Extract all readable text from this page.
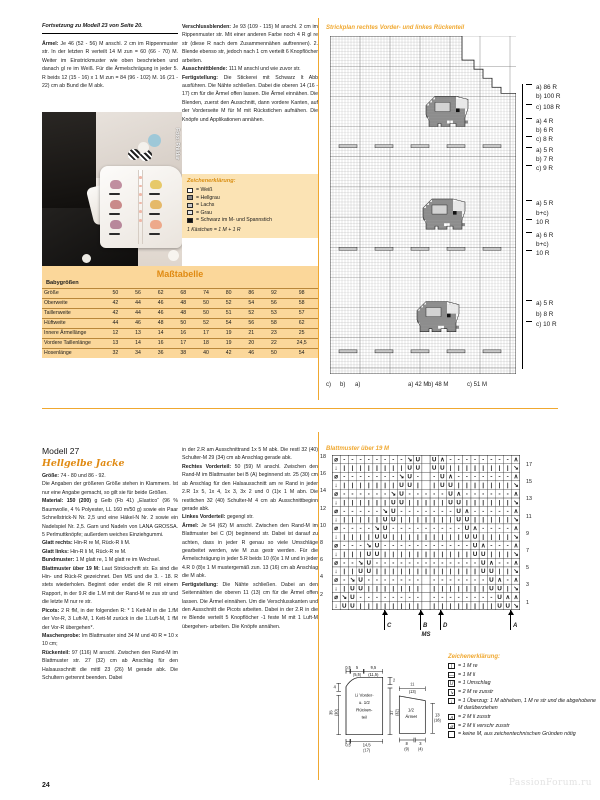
Fortsetzung zu Modell 23 von Seite 20.
Ärmel: Je 46 (52 - 56) M anschl. 2 cm im Rippenmuster str. In der letzten R verteilt 14 M zun = 60 (66 - 70) M. Weiter im Einstrickmuster wie oben beschrieben und danach gl re im Weiß. Für die Ärmelschrägung in jeder 5. R beids 12 (15 - 16) x 1 M zun = 84 (96 - 102) M. 16 (21 - 22) cm ab Bund die M abk.
Foto: Phildar
Verschlussblenden: Je 93 (109 - 115) M anschl. 2 cm im Rippenmuster str. Mit einer anderen Farbe noch 4 R gl re str (diese R nach dem Zusammennähen auftrennen). 2. Blende ebenso str, jedoch nach 1 cm verteilt 6 Knopflöcher arbeiten.
Ausschnittblende: 111 M anschl und wie zuvor str.
Fertigstellung: Die Stickerei mit Schwarz lt Abb ausführen. Die Nähte schließen. Dabei die oberen 14 (16 - 17) cm für die Ärmel offen lassen. Die Ärmel einnähen. Die Blenden, zuerst den Ausschnitt, dann vordere Kanten, auf der Vorderseite M für M mit Rückstichen aufnähen. Die Knöpfe und Applikationen annähen.
Zeichenerklärung:
= Weiß
= Hellgrau
= Lachs
= Grau
= Schwarz im M- und Spannstich
1 Kästchen = 1 M + 1 R
Maßtabelle
Babygrößen
Größe	50	56	62	68	74	80	86	92	98
Oberweite	42	44	46	48	50	52	54	56	58
Taillenweite	42	44	46	48	50	51	52	53	57
Hüftweite	44	46	48	50	52	54	56	58	62
Innere Ärmellänge	12	13	14	16	17	19	21	23	25
Vordere Taillenlänge	13	14	16	17	18	19	20	22	24,5
Hosenlänge	32	34	36	38	40	42	46	50	54
Strickplan rechtes Vorder- und linkes Rückenteil
a) 86 R
b) 100 R
c) 108 R
a) 4 R
b) 6 R
c) 8 R
a) 5 R
b) 7 R
c) 9 R
a) 5 R
b+c)
10 R
a) 6 R
b+c)
10 R
a) 5 R
b) 8 R
c) 10 R
c) b) a)	a) 42 M b) 48 M	c) 51 M
Modell 27
Hellgelbe Jacke
Größe: 74 - 80 und 86 - 92.
Die Angaben der größeren Größe stehen in Klammern. Ist nur eine Angabe gemacht, so gilt sie für beide Größen.
Material: 150 (200) g Gelb (Fb 41) „Elastico“ (96 % Baumwolle, 4 % Polyester, LL 160 m/50 g) sowie ein Paar Schnellstrick-N Nr. 2,5 und eine Häkel-N Nr. 2 sowie ein Nadelspiel Nr. 2,5. Garn und Nadeln von LANA GROSSA. 5 Perlmuttknöpfe; außerdem weiches Einziehgummi.
Glatt rechts: Hin-R re M, Rück-R li M.
Glatt links: Hin-R li M, Rück-R re M.
Bundmuster: 1 M glatt re, 1 M glatt re im Wechsel.
Blattmuster über 19 M: Laut Strickschrift str. Es sind die Hin- und Rück-R gezeichnet. Den MS und die 3. - 18. R stets wiederholen. Beginnt oder endet die R mit einem Rapport, in der 9.R die 1.M mit der Rand-M re zus str und die letzte M nur re str.
Picots: 2 R fM, in der folgenden R: * 1 Kett-M in die 1.fM der Vor-R, 3 Luft-M, 1 Kett-M zurück in die 1.Luft-M, 1 fM der Vor-R übergehen*.
Maschenprobe: Im Blattmuster sind 34 M und 40 R = 10 x 10 cm;
Rückenteil: 97 (116) M anschl. Zwischen den Rand-M im Blattmuster str. 27 (32) cm ab Anschlag für den Halsausschnitt die mittl 23 (26) M gerade abk. Die Schultern getrennt beenden. Dabei
in der 2.R am Ausschnittrand 1x 5 M abk. Die restl 32 (40) Schulter-M 29 (34) cm ab Anschlag gerade abk.
Rechtes Vorderteil: 50 (59) M anschl. Zwischen den Rand-M im Blattmuster bei B (A) beginnend str. 25 (30) cm ab Anschlag für den Halsausschnitt am re Rand in jeder 2.R 1x 5, 1x 4, 1x 3, 3x 2 und 0 (1)x 1 M abn. Die restlichen 32 (40) Schulter-M 4 cm ab Ausschnittbeginn gerade abk.
Linkes Vorderteil: gegengl str.
Ärmel: Je 54 (62) M anschl. Zwischen den Rand-M im Blattmuster bei C (D) beginnend str. Dabei ist darauf zu achten, dass in jeder R genau so viele Umschläge gearbeitet werden, wie M zus gestr werden. Für die Ärmelschrägung in jeder 5.R beids 10 (6)x 1 M und in jeder 4.R 0 (8)x 1 M mustergemäß zun. 13 (16) cm ab Anschlag die M abk.
Fertigstellung: Die Nähte schließen. Dabei an den Seitennähten die oberen 11 (13) cm für die Ärmel offen lassen. Die Ärmel einnähen. Um die Verschlusskanten und den Ausschnitt die Picots arbeiten. Dabei in der 2.R in die re Blende verteilt 5 Knopflöcher -1 feste M mit 1 Luft-M übergehen- arbeiten. Die Knöpfe annähen.
Blattmuster über 19 M
C	B	D	A
MS
Zeichenerklärung:
|	= 1 M re
— = 1 M li
U = 1 Umschlag
↘ = 2 M re zusstr
↓ = 1 Überzug: 1 M abheben, 1 M re str und die abgehobene M darüberziehen
∧ = 2 M li zusstr
⌀ = 2 M li verschr zusstr
= keine M, aus zeichentechnischen Gründen nötig
24	PassionForum.ru
18
16
14
12
10
8
6
4
2
17
15
13
11
9
7
5
3
1
